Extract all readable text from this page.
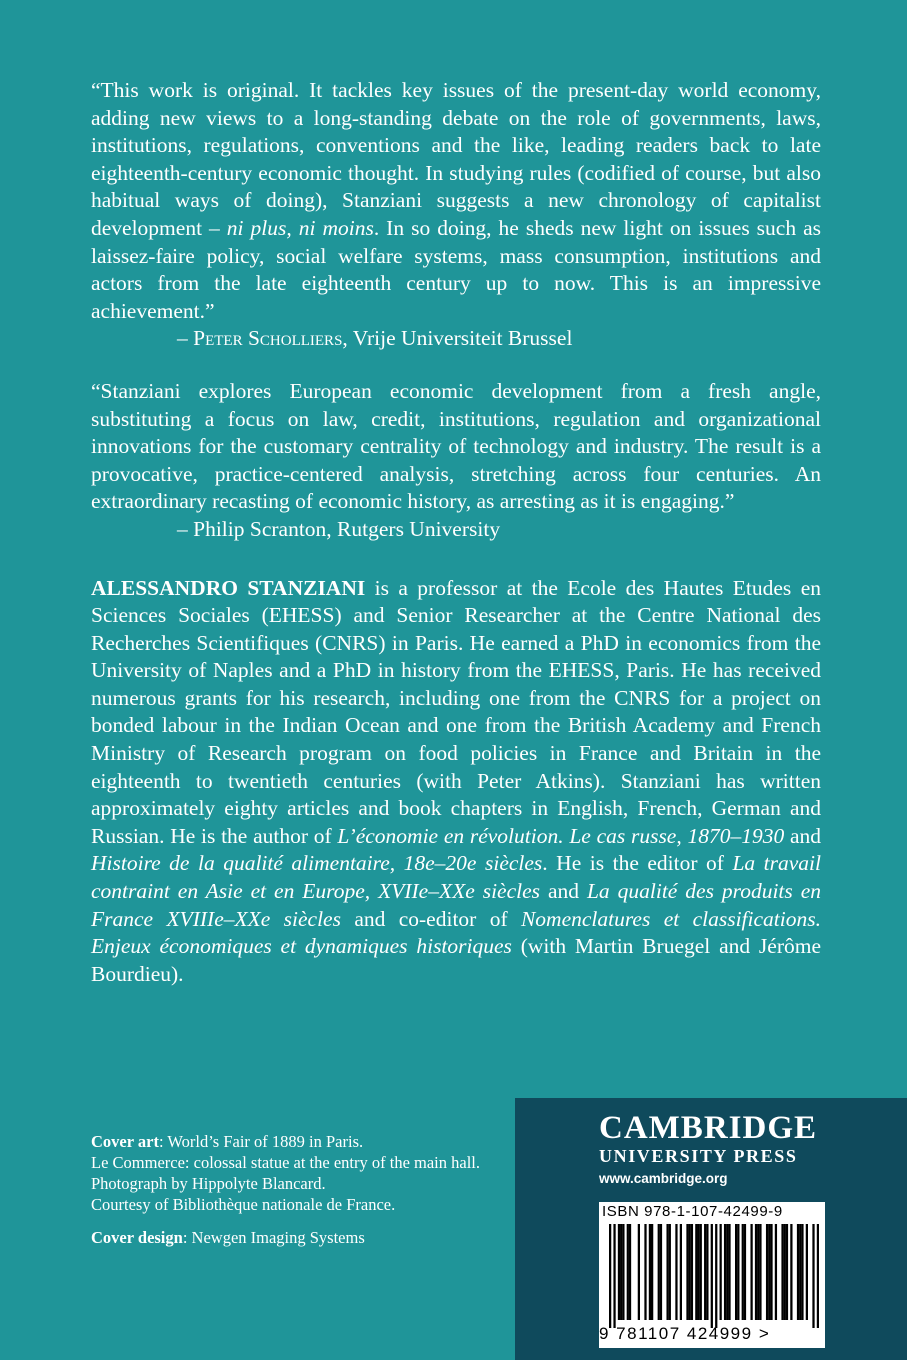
“This work is original. It tackles key issues of the present-day world economy, adding new views to a long-standing debate on the role of governments, laws, institutions, regulations, conventions and the like, leading readers back to late eighteenth-century economic thought. In studying rules (codified of course, but also habitual ways of doing), Stanziani suggests a new chronology of capitalist development – ni plus, ni moins. In so doing, he sheds new light on issues such as laissez-faire policy, social welfare systems, mass consumption, institutions and actors from the late eighteenth century up to now. This is an impressive achievement.”

– Peter Scholliers, Vrije Universiteit Brussel

“Stanziani explores European economic development from a fresh angle, substituting a focus on law, credit, institutions, regulation and organizational innovations for the customary centrality of technology and industry. The result is a provocative, practice-centered analysis, stretching across four centuries. An extraordinary recasting of economic history, as arresting as it is engaging.”

– Philip Scranton, Rutgers University

ALESSANDRO STANZIANI is a professor at the Ecole des Hautes Etudes en Sciences Sociales (EHESS) and Senior Researcher at the Centre National des Recherches Scientifiques (CNRS) in Paris. He earned a PhD in economics from the University of Naples and a PhD in history from the EHESS, Paris. He has received numerous grants for his research, including one from the CNRS for a project on bonded labour in the Indian Ocean and one from the British Academy and French Ministry of Research program on food policies in France and Britain in the eighteenth to twentieth centuries (with Peter Atkins). Stanziani has written approximately eighty articles and book chapters in English, French, German and Russian. He is the author of L’économie en révolution. Le cas russe, 1870–1930 and Histoire de la qualité alimentaire, 18e–20e siècles. He is the editor of La travail contraint en Asie et en Europe, XVIIe–XXe siècles and La qualité des produits en France XVIIIe–XXe siècles and co-editor of Nomenclatures et classifications. Enjeux économiques et dynamiques historiques (with Martin Bruegel and Jérôme Bourdieu).

Cover art: World’s Fair of 1889 in Paris.

Le Commerce: colossal statue at the entry of the main hall. Photograph by Hippolyte Blancard.

Courtesy of Bibliothèque nationale de France.

Cover design: Newgen Imaging Systems

CAMBRIDGE
UNIVERSITY PRESS
www.cambridge.org
ISBN 978-1-107-42499-9
9 781107 424999 >
